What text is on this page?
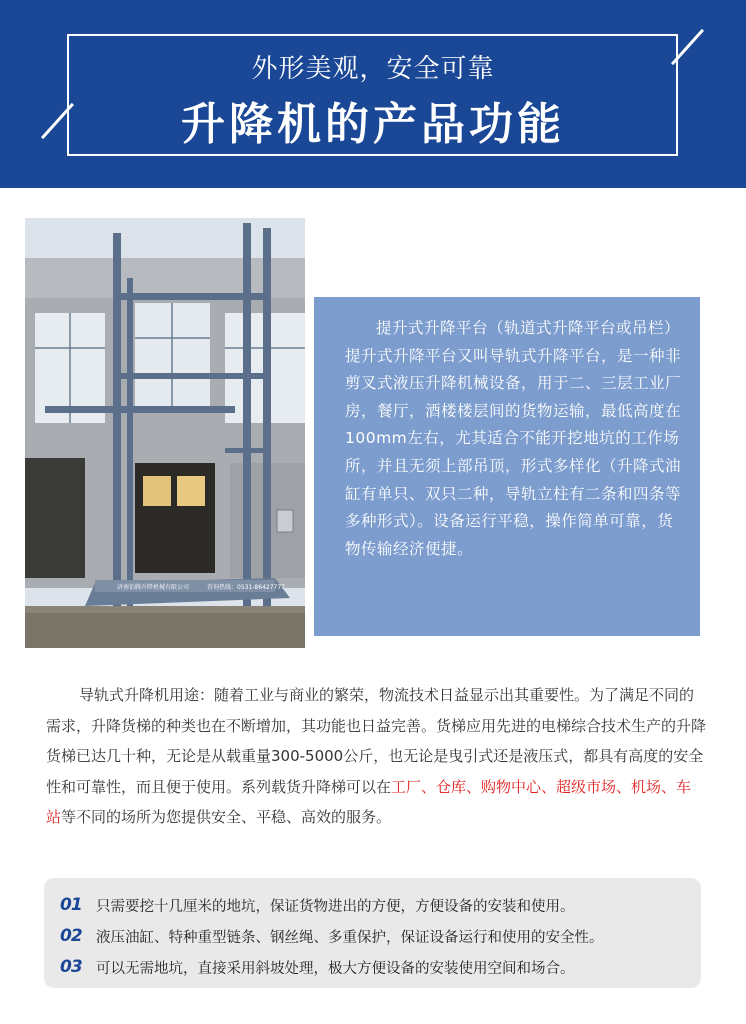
外形美观，安全可靠
升降机的产品功能
济南佰腾升降机械有限公司	咨询热线：0531-86427777
提升式升降平台（轨道式升降平台或吊栏）提升式升降平台又叫导轨式升降平台，是一种非剪叉式液压升降机械设备，用于二、三层工业厂房，餐厅，酒楼楼层间的货物运输，最低高度在100mm左右，尤其适合不能开挖地坑的工作场所，并且无须上部吊顶，形式多样化（升降式油缸有单只、双只二种，导轨立柱有二条和四条等多种形式）。设备运行平稳，操作简单可靠，货物传输经济便捷。
导轨式升降机用途：随着工业与商业的繁荣，物流技术日益显示出其重要性。为了满足不同的需求，升降货梯的种类也在不断增加，其功能也日益完善。货梯应用先进的电梯综合技术生产的升降货梯已达几十种，无论是从载重量300-5000公斤，也无论是曳引式还是液压式，都具有高度的安全性和可靠性，而且便于使用。系列载货升降梯可以在工厂、仓库、购物中心、超级市场、机场、车站等不同的场所为您提供安全、平稳、高效的服务。
01 只需要挖十几厘米的地坑，保证货物进出的方便，方便设备的安装和使用。
02 液压油缸、特种重型链条、钢丝绳、多重保护，保证设备运行和使用的安全性。
03 可以无需地坑，直接采用斜坡处理，极大方便设备的安装使用空间和场合。
